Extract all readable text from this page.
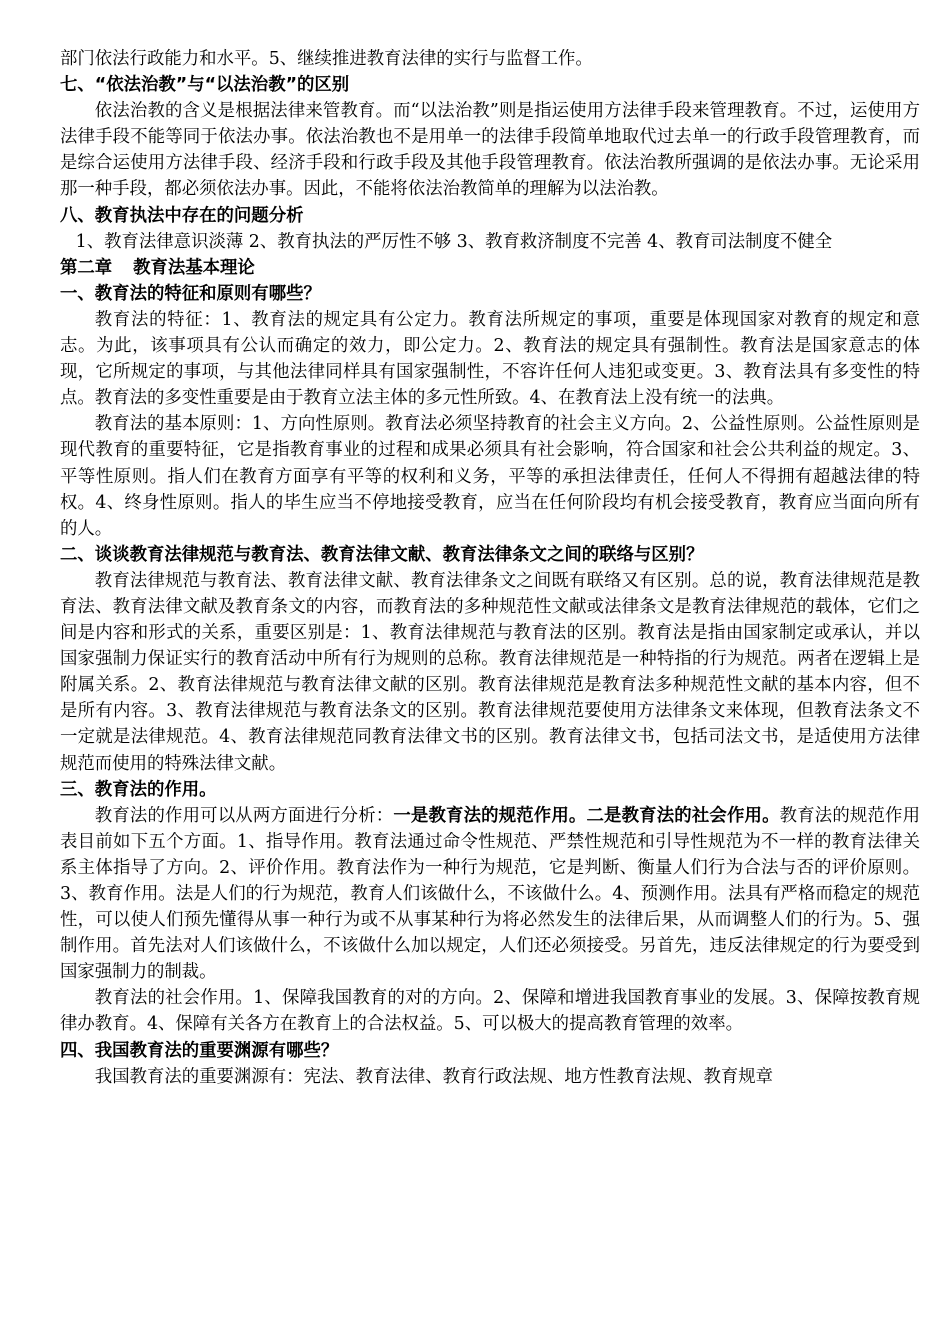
部门依法行政能力和水平。5、继续推进教育法律的实行与监督工作。

七、“依法治教”与“以法治教”的区别

依法治教的含义是根据法律来管教育。而“以法治教”则是指运使用方法律手段来管理教育。不过，运使用方法律手段不能等同于依法办事。依法治教也不是用单一的法律手段简单地取代过去单一的行政手段管理教育，而是综合运使用方法律手段、经济手段和行政手段及其他手段管理教育。依法治教所强调的是依法办事。无论采用那一种手段，都必须依法办事。因此，不能将依法治教简单的理解为以法治教。

八、教育执法中存在的问题分析

1、教育法律意识淡薄 2、教育执法的严厉性不够 3、教育救济制度不完善 4、教育司法制度不健全

第二章 教育法基本理论

一、教育法的特征和原则有哪些？

教育法的特征：1、教育法的规定具有公定力。教育法所规定的事项，重要是体现国家对教育的规定和意志。为此，该事项具有公认而确定的效力，即公定力。2、教育法的规定具有强制性。教育法是国家意志的体现，它所规定的事项，与其他法律同样具有国家强制性，不容许任何人违犯或变更。3、教育法具有多变性的特点。教育法的多变性重要是由于教育立法主体的多元性所致。4、在教育法上没有统一的法典。

教育法的基本原则：1、方向性原则。教育法必须坚持教育的社会主义方向。2、公益性原则。公益性原则是现代教育的重要特征，它是指教育事业的过程和成果必须具有社会影响，符合国家和社会公共利益的规定。3、平等性原则。指人们在教育方面享有平等的权利和义务，平等的承担法律责任，任何人不得拥有超越法律的特权。4、终身性原则。指人的毕生应当不停地接受教育，应当在任何阶段均有机会接受教育，教育应当面向所有的人。

二、谈谈教育法律规范与教育法、教育法律文献、教育法律条文之间的联络与区别？

教育法律规范与教育法、教育法律文献、教育法律条文之间既有联络又有区别。总的说，教育法律规范是教育法、教育法律文献及教育条文的内容，而教育法的多种规范性文献或法律条文是教育法律规范的载体，它们之间是内容和形式的关系，重要区别是：1、教育法律规范与教育法的区别。教育法是指由国家制定或承认，并以国家强制力保证实行的教育活动中所有行为规则的总称。教育法律规范是一种特指的行为规范。两者在逻辑上是附属关系。2、教育法律规范与教育法律文献的区别。教育法律规范是教育法多种规范性文献的基本内容，但不是所有内容。3、教育法律规范与教育法条文的区别。教育法律规范要使用方法律条文来体现，但教育法条文不一定就是法律规范。4、教育法律规范同教育法律文书的区别。教育法律文书，包括司法文书，是适使用方法律规范而使用的特殊法律文献。

三、教育法的作用。

教育法的作用可以从两方面进行分析：一是教育法的规范作用。二是教育法的社会作用。教育法的规范作用表目前如下五个方面。1、指导作用。教育法通过命令性规范、严禁性规范和引导性规范为不一样的教育法律关系主体指导了方向。2、评价作用。教育法作为一种行为规范，它是判断、衡量人们行为合法与否的评价原则。3、教育作用。法是人们的行为规范，教育人们该做什么，不该做什么。4、预测作用。法具有严格而稳定的规范性，可以使人们预先懂得从事一种行为或不从事某种行为将必然发生的法律后果，从而调整人们的行为。5、强制作用。首先法对人们该做什么，不该做什么加以规定，人们还必须接受。另首先，违反法律规定的行为要受到国家强制力的制裁。

教育法的社会作用。1、保障我国教育的对的方向。2、保障和增进我国教育事业的发展。3、保障按教育规律办教育。4、保障有关各方在教育上的合法权益。5、可以极大的提高教育管理的效率。

四、我国教育法的重要渊源有哪些？

我国教育法的重要渊源有：宪法、教育法律、教育行政法规、地方性教育法规、教育规章
